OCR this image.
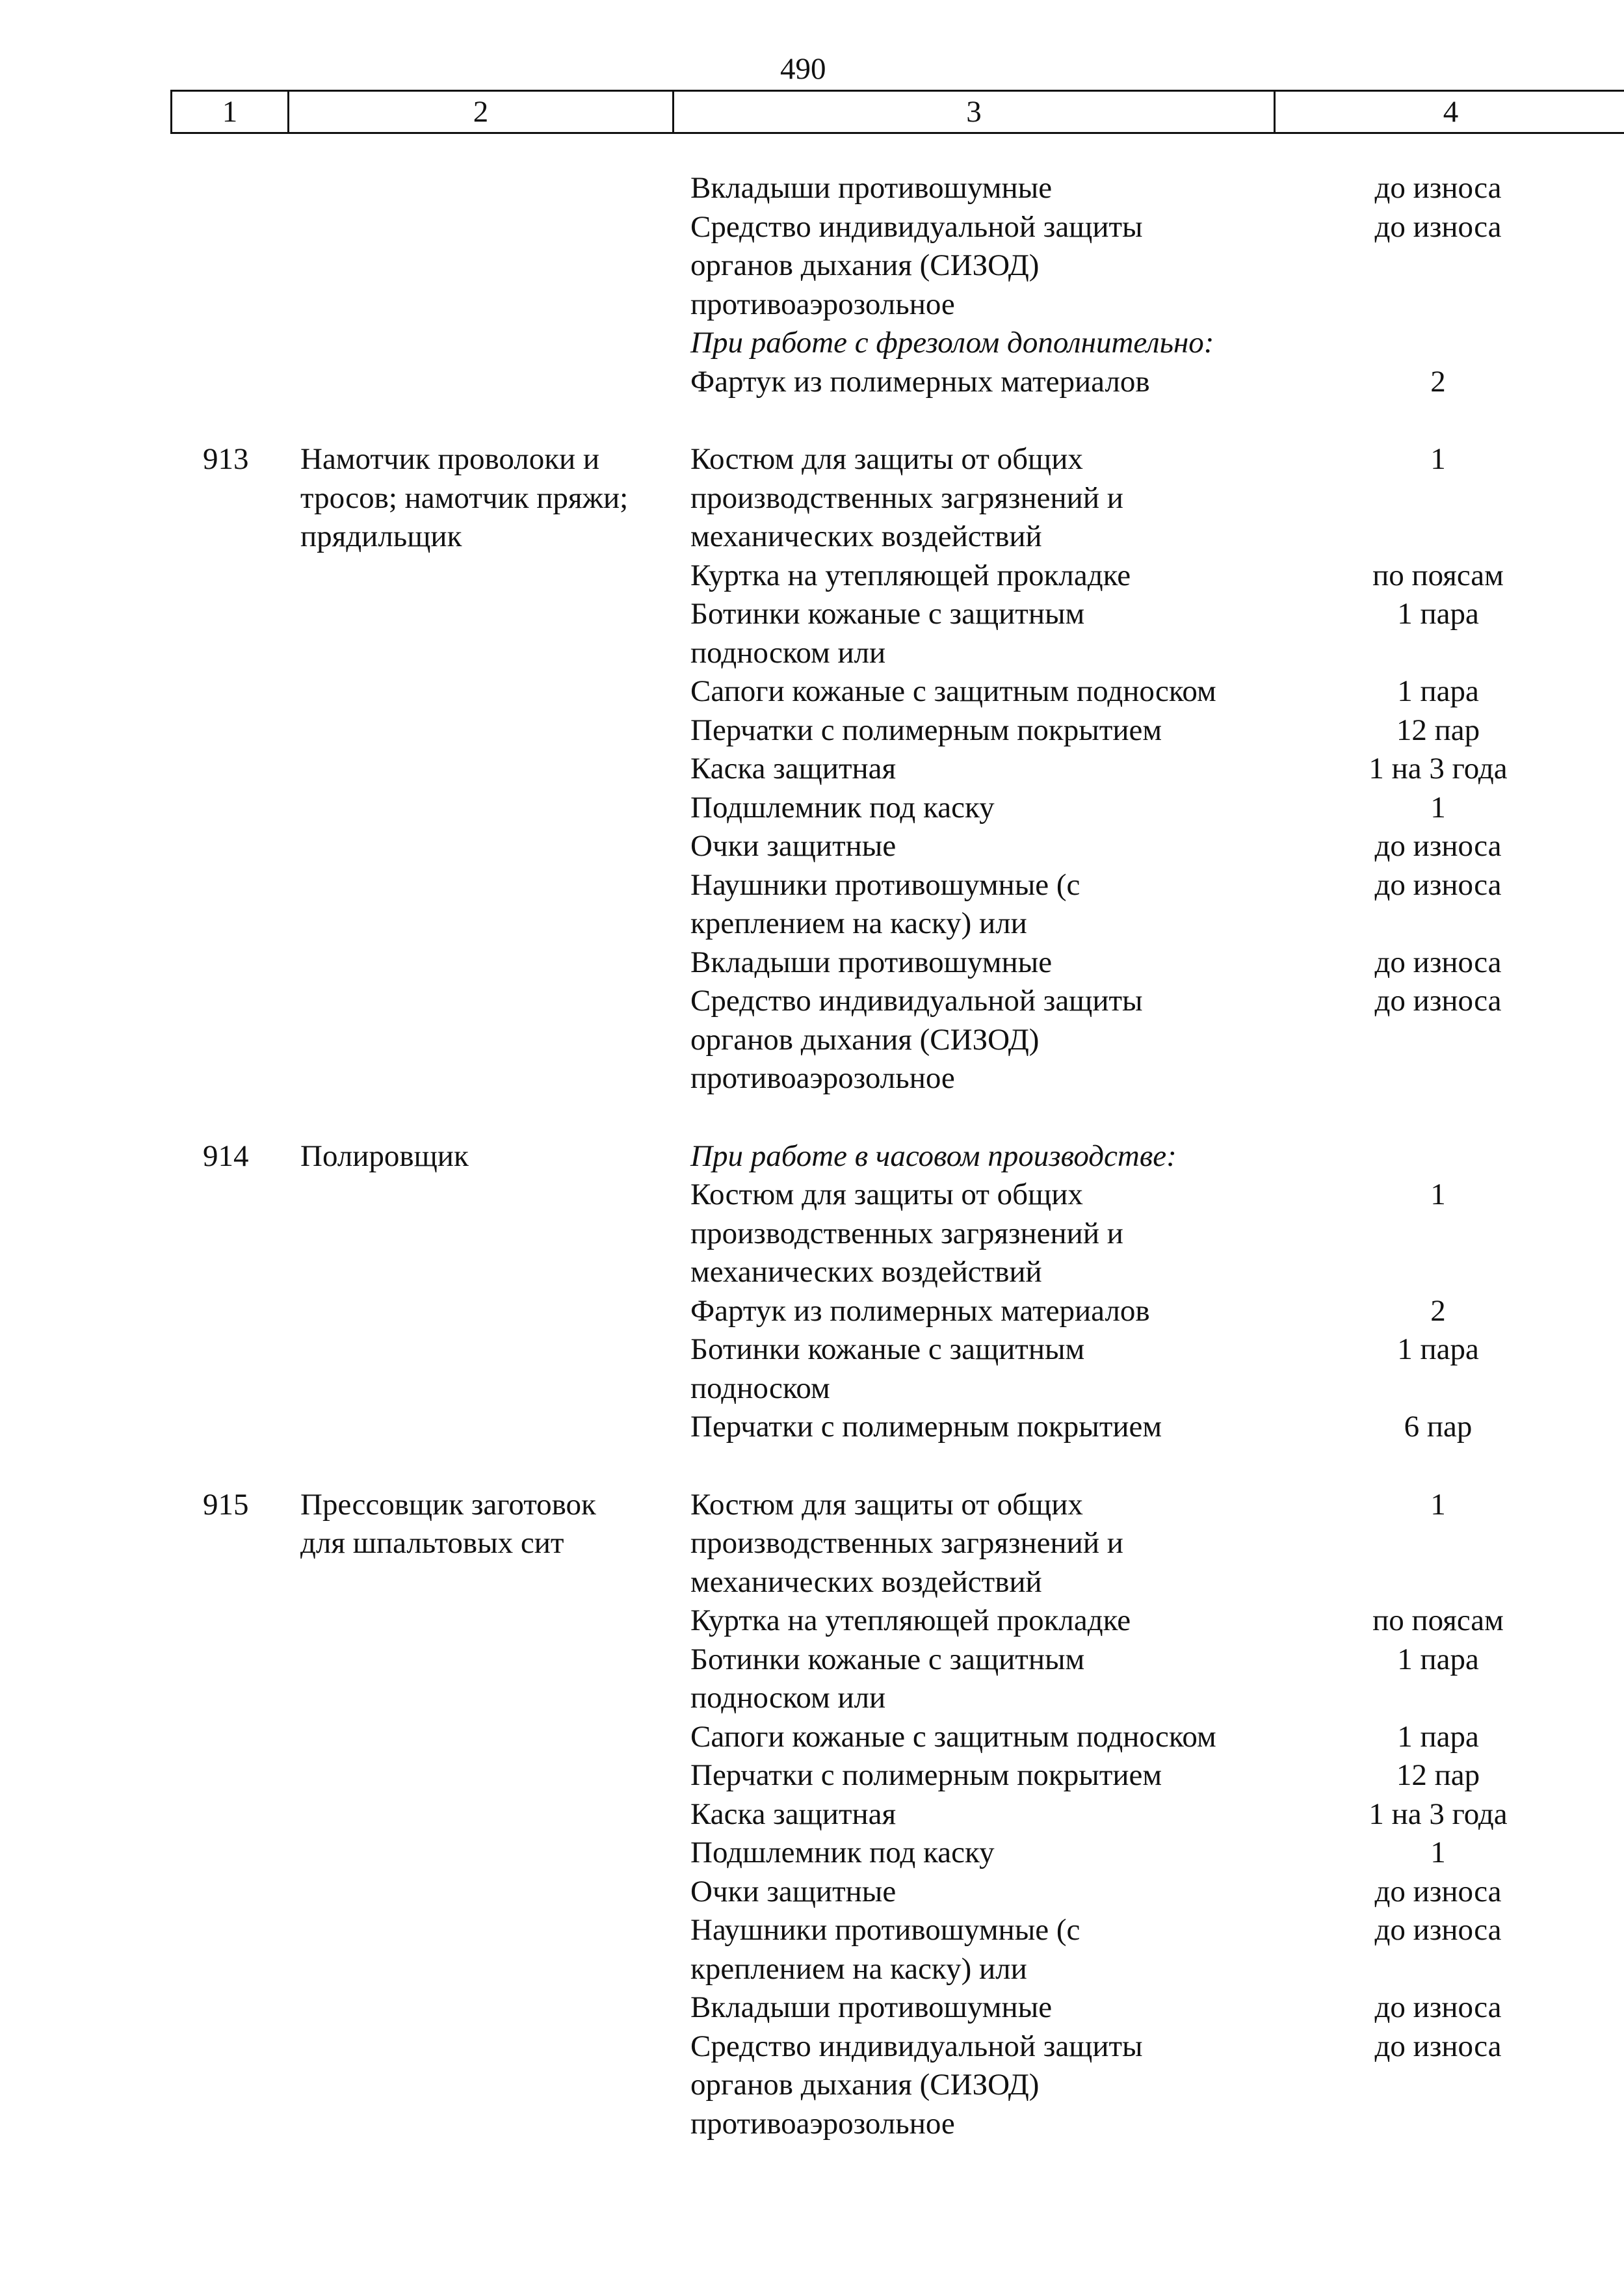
490
1	2	3	4
Вкладыши противошумные	до износа
Средство индивидуальной защиты	до износа
органов дыхания (СИЗОД)
противоаэрозольное
При работе с фрезолом дополнительно:
Фартук из полимерных материалов	2
913	Намотчик проволоки и	Костюм для защиты от общих	1
тросов; намотчик пряжи;	производственных загрязнений и
прядильщик	механических воздействий
Куртка на утепляющей прокладке	по поясам
Ботинки кожаные с защитным	1 пара
подноском или
Сапоги кожаные с защитным подноском	1 пара
Перчатки с полимерным покрытием	12 пар
Каска защитная	1 на 3 года
Подшлемник под каску	1
Очки защитные	до износа
Наушники противошумные (с	до износа
креплением на каску) или
Вкладыши противошумные	до износа
Средство индивидуальной защиты	до износа
органов дыхания (СИЗОД)
противоаэрозольное
914	Полировщик	При работе в часовом производстве:
Костюм для защиты от общих	1
производственных загрязнений и
механических воздействий
Фартук из полимерных материалов	2
Ботинки кожаные с защитным	1 пара
подноском
Перчатки с полимерным покрытием	6 пар
915	Прессовщик заготовок	Костюм для защиты от общих	1
для шпальтовых сит	производственных загрязнений и
механических воздействий
Куртка на утепляющей прокладке	по поясам
Ботинки кожаные с защитным	1 пара
подноском или
Сапоги кожаные с защитным подноском	1 пара
Перчатки с полимерным покрытием	12 пар
Каска защитная	1 на 3 года
Подшлемник под каску	1
Очки защитные	до износа
Наушники противошумные (с	до износа
креплением на каску) или
Вкладыши противошумные	до износа
Средство индивидуальной защиты	до износа
органов дыхания (СИЗОД)
противоаэрозольное
